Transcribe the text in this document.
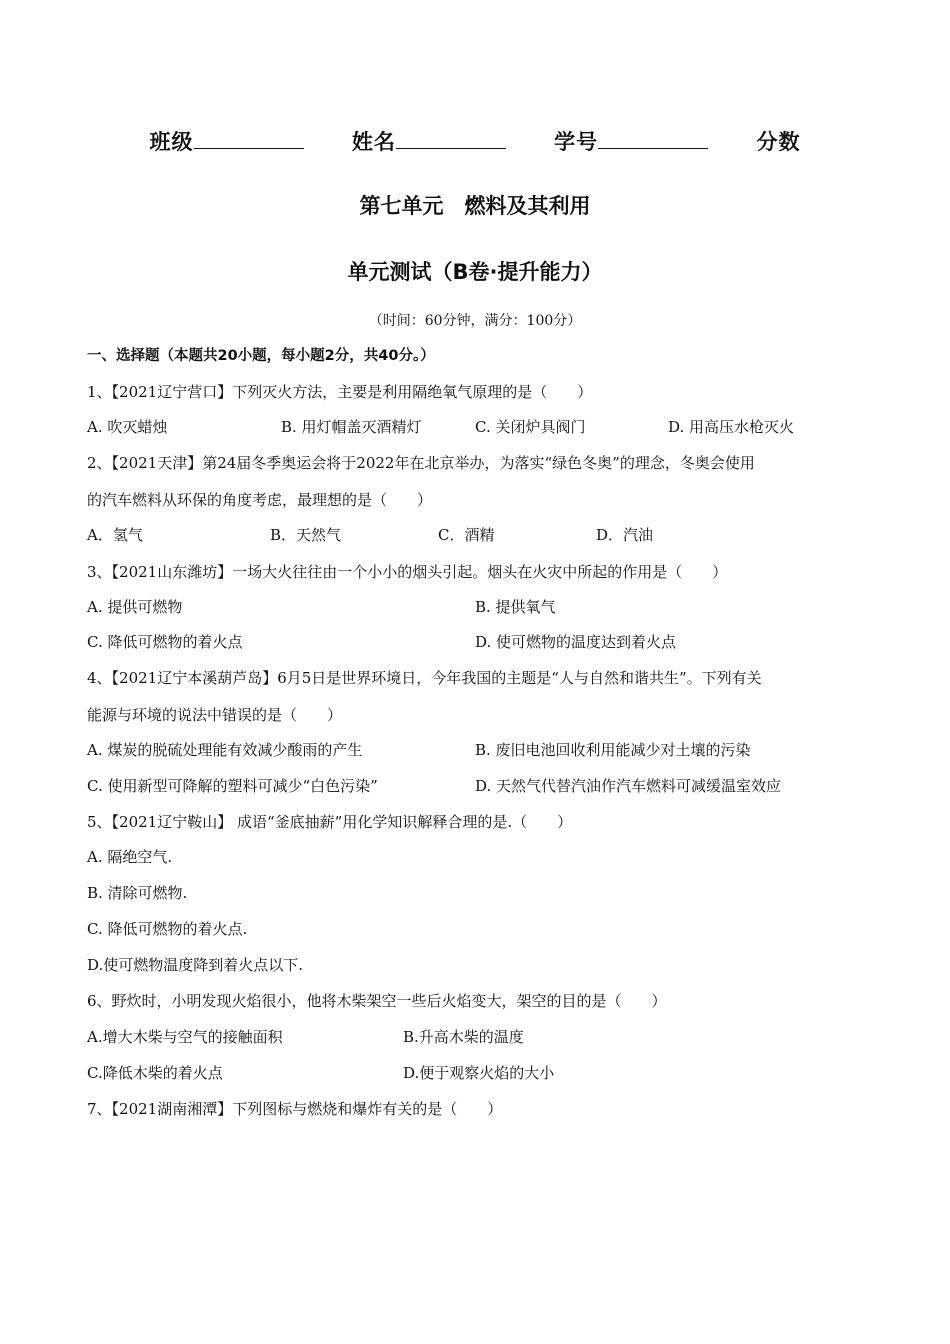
班级	姓名	学号	分数
第七单元　燃料及其利用
单元测试（B卷·提升能力）
（时间：60分钟，满分：100分）
一、选择题（本题共20小题，每小题2分，共40分。）
1、【2021辽宁营口】下列灭火方法，主要是利用隔绝氧气原理的是（　　）
A. 吹灭蜡烛	B. 用灯帽盖灭酒精灯	C. 关闭炉具阀门	D. 用高压水枪灭火
2、【2021天津】第24届冬季奥运会将于2022年在北京举办，为落实“绿色冬奥”的理念，冬奥会使用
的汽车燃料从环保的角度考虑，最理想的是（　　）
A．氢气	B．天然气	C．酒精	D．汽油
3、【2021山东潍坊】一场大火往往由一个小小的烟头引起。烟头在火灾中所起的作用是（　　）
A. 提供可燃物	B. 提供氧气
C. 降低可燃物的着火点	D. 使可燃物的温度达到着火点
4、【2021辽宁本溪葫芦岛】6月5日是世界环境日，今年我国的主题是“人与自然和谐共生”。下列有关
能源与环境的说法中错误的是（　　）
A. 煤炭的脱硫处理能有效减少酸雨的产生	B. 废旧电池回收利用能减少对土壤的污染
C. 使用新型可降解的塑料可减少“白色污染”	D. 天然气代替汽油作汽车燃料可减缓温室效应
5、【2021辽宁鞍山】 成语“釜底抽薪”用化学知识解释合理的是.（　　）
A. 隔绝空气.
B. 清除可燃物.
C. 降低可燃物的着火点.
D.使可燃物温度降到着火点以下.
6、野炊时，小明发现火焰很小，他将木柴架空一些后火焰变大，架空的目的是（　　）
A.增大木柴与空气的接触面积	B.升高木柴的温度
C.降低木柴的着火点	D.便于观察火焰的大小
7、【2021湖南湘潭】下列图标与燃烧和爆炸有关的是（　　）
